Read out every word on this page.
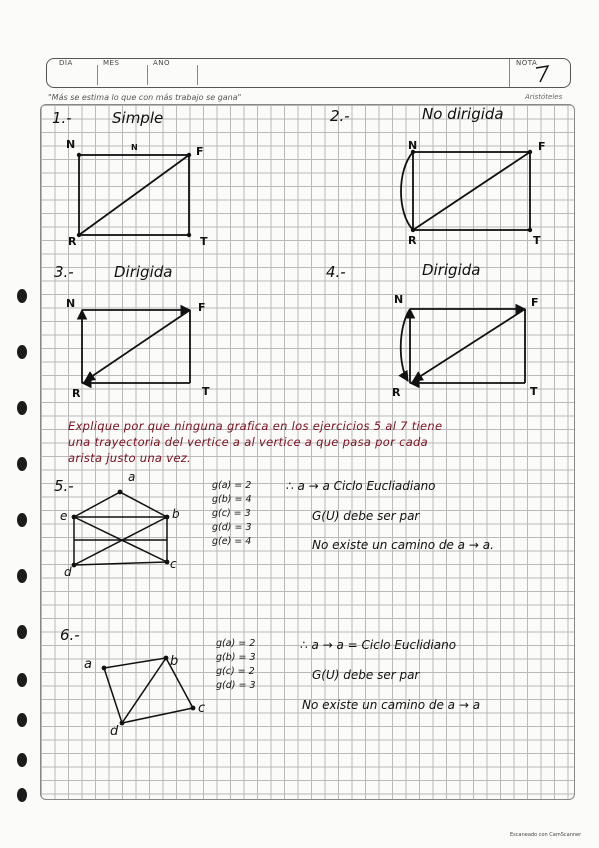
DÍA	MES	AÑO	NOTA
"Más se estima lo que con más trabajo se gana"	Aristóteles
1.-	Simple
N	N	F
R	T
2.-	No dirigida
N	F
R	T
3.-	Dirigida
N	F
R	T
4.-	Dirigida
N	F
R	T
Explique por que ninguna grafica en los ejercicios 5 al 7 tiene
una trayectoria del vertice a al vertice a que pasa por cada
arista justo una vez.
5.-	a
e	b
d
c
g(a) = 2
g(b) = 4
g(c) = 3
g(d) = 3
g(e) = 4
∴ a → a Ciclo Eucliadiano
G(U) debe ser par
No existe un camino de a → a.
6.-
a	b
c
d
g(a) = 2
g(b) = 3
g(c) = 2
g(d) = 3
∴ a → a = Ciclo Euclidiano
G(U) debe ser par
No existe un camino de a → a
Escaneado con CamScanner
